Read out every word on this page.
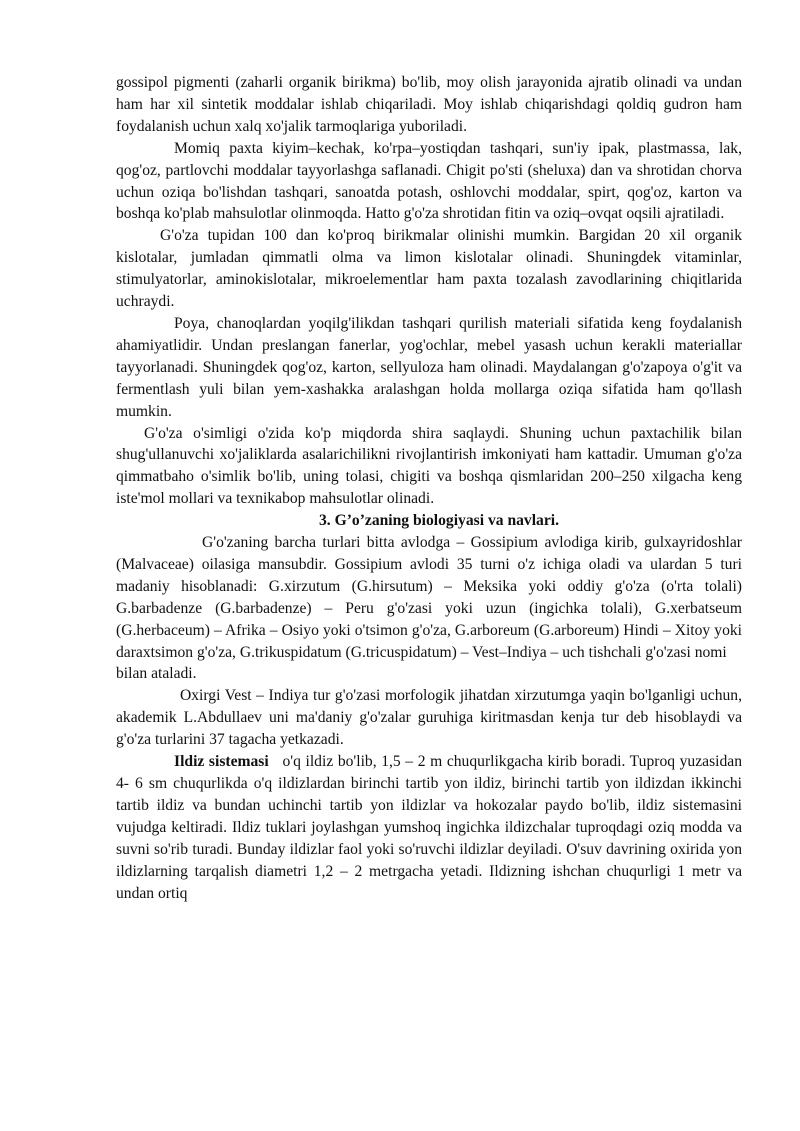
gossipol pigmenti (zaharli organik birikma) bo'lib, moy olish jarayonida ajratib olinadi va undan ham har xil sintetik moddalar ishlab chiqariladi. Moy ishlab chiqarishdagi qoldiq gudron ham foydalanish uchun xalq xo'jalik tarmoqlariga yuboriladi.

Momiq paxta kiyim–kechak, ko'rpa–yostiqdan tashqari, sun'iy ipak, plastmassa, lak, qog'oz, partlovchi moddalar tayyorlashga saflanadi. Chigit po'sti (sheluxa) dan va shrotidan chorva uchun oziqa bo'lishdan tashqari, sanoatda potash, oshlovchi moddalar, spirt, qog'oz, karton va boshqa ko'plab mahsulotlar olinmoqda. Hatto g'o'za shrotidan fitin va oziq–ovqat oqsili ajratiladi.

G'o'za tupidan 100 dan ko'proq birikmalar olinishi mumkin. Bargidan 20 xil organik kislotalar, jumladan qimmatli olma va limon kislotalar olinadi. Shuningdek vitaminlar, stimulyatorlar, aminokislotalar, mikroelementlar ham paxta tozalash zavodlarining chiqitlarida uchraydi.

Poya, chanoqlardan yoqilg'ilikdan tashqari qurilish materiali sifatida keng foydalanish ahamiyatlidir. Undan preslangan fanerlar, yog'ochlar, mebel yasash uchun kerakli materiallar tayyorlanadi. Shuningdek qog'oz, karton, sellyuloza ham olinadi. Maydalangan g'o'zapoya o'g'it va fermentlash yuli bilan yem-xashakka aralashgan holda mollarga oziqa sifatida ham qo'llash mumkin.

G'o'za o'simligi o'zida ko'p miqdorda shira saqlaydi. Shuning uchun paxtachilik bilan shug'ullanuvchi xo'jaliklarda asalarichilikni rivojlantirish imkoniyati ham kattadir. Umuman g'o'za qimmatbaho o'simlik bo'lib, uning tolasi, chigiti va boshqa qismlaridan 200–250 xilgacha keng iste'mol mollari va texnikabop mahsulotlar olinadi.

3. G’o’zaning biologiyasi va navlari.

G'o'zaning barcha turlari bitta avlodga – Gossipium avlodiga kirib, gulxayridoshlar (Malvaceae) oilasiga mansubdir. Gossipium avlodi 35 turni o'z ichiga oladi va ulardan 5 turi madaniy hisoblanadi: G.xirzutum (G.hirsutum) – Meksika yoki oddiy g'o'za (o'rta tolali) G.barbadenze (G.barbadenze) – Peru g'o'zasi yoki uzun (ingichka tolali), G.xerbatseum (G.herbaceum) – Afrika – Osiyo yoki o'tsimon g'o'za, G.arboreum (G.arboreum) Hindi – Xitoy yoki daraxtsimon g'o'za, G.trikuspidatum (G.tricuspidatum) – Vest–Indiya – uch tishchali g'o'zasi nomi

bilan ataladi.

Oxirgi Vest – Indiya tur g'o'zasi morfologik jihatdan xirzutumga yaqin bo'lganligi uchun, akademik L.Abdullaev uni ma'daniy g'o'zalar guruhiga kiritmasdan kenja tur deb hisoblaydi va g'o'za turlarini 37 tagacha yetkazadi.

Ildiz sistemasi   o'q ildiz bo'lib, 1,5 – 2 m chuqurlikgacha kirib boradi. Tuproq yuzasidan 4- 6 sm chuqurlikda o'q ildizlardan birinchi tartib yon ildiz, birinchi tartib yon ildizdan ikkinchi tartib ildiz va bundan uchinchi tartib yon ildizlar va hokozalar paydo bo'lib, ildiz sistemasini vujudga keltiradi. Ildiz tuklari joylashgan yumshoq ingichka ildizchalar tuproqdagi oziq modda va suvni so'rib turadi. Bunday ildizlar faol yoki so'ruvchi ildizlar deyiladi. O'suv davrining oxirida yon ildizlarning tarqalish diametri 1,2 – 2 metrgacha yetadi. Ildizning ishchan chuqurligi 1 metr va undan ortiq
